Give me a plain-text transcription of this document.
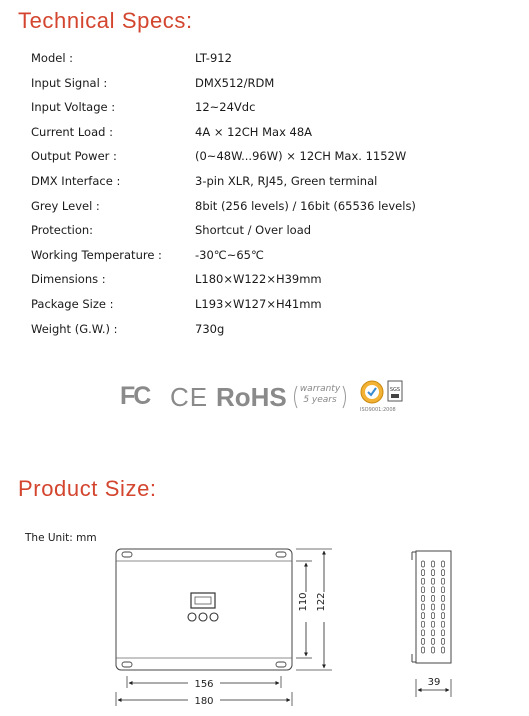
Technical Specs:
Model :	LT-912
Input Signal :	DMX512/RDM
Input Voltage :	12~24Vdc
Current Load :	4A × 12CH Max 48A
Output Power :	(0~48W...96W) × 12CH Max. 1152W
DMX Interface :	3-pin XLR, RJ45, Green terminal
Grey Level :	8bit (256 levels) / 16bit (65536 levels)
Protection:	Shortcut / Over load
Working Temperature :	-30℃~65℃
Dimensions :	L180×W122×H39mm
Package Size :	L193×W127×H41mm
Weight (G.W.) :	730g
FC CE RoHS	warranty
5 years
SGS
ISO9001:2008
Product Size:
The Unit: mm
156
180
110 122
39
